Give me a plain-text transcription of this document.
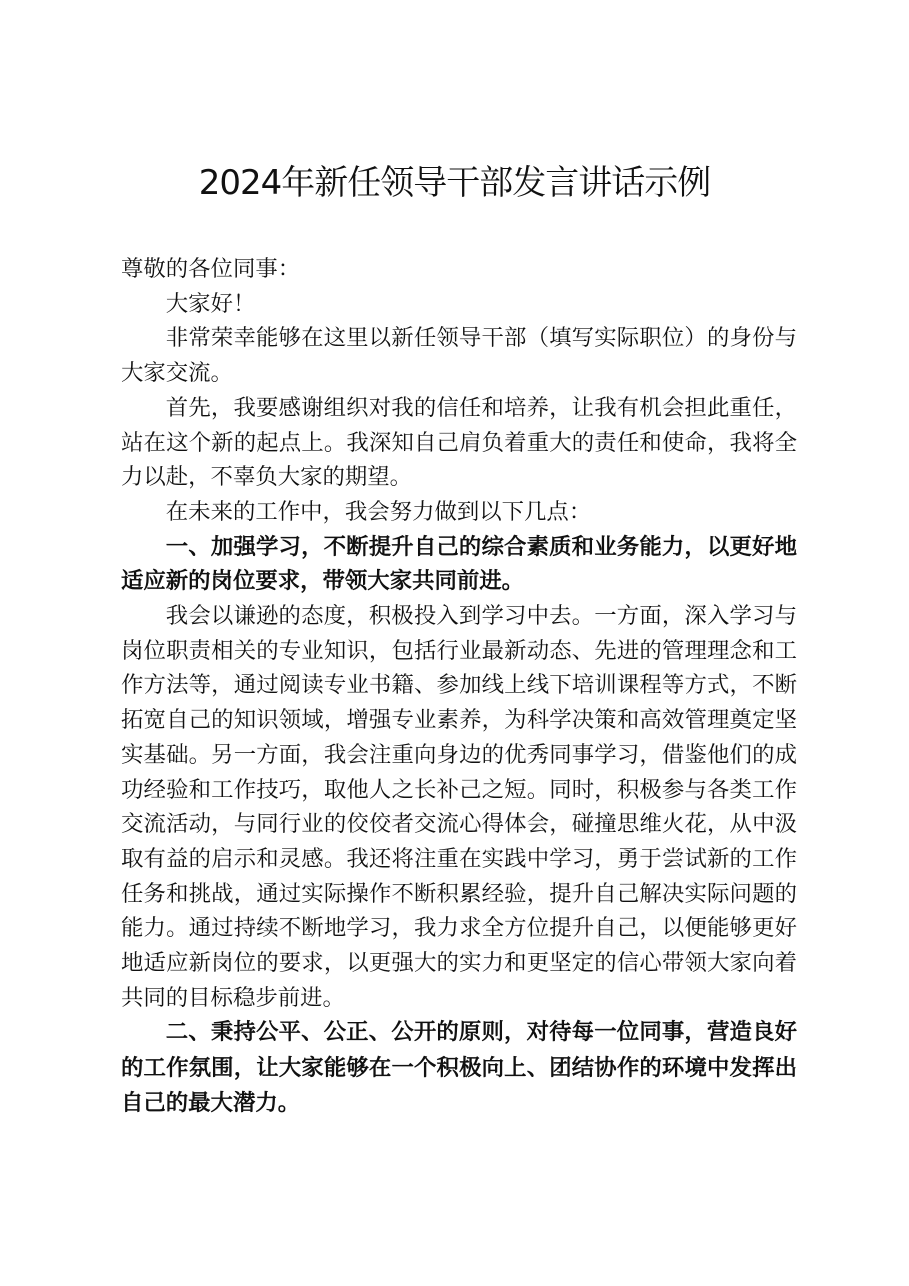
2024年新任领导干部发言讲话示例

尊敬的各位同事：

大家好！

非常荣幸能够在这里以新任领导干部（填写实际职位）的身份与大家交流。

首先，我要感谢组织对我的信任和培养，让我有机会担此重任，站在这个新的起点上。我深知自己肩负着重大的责任和使命，我将全力以赴，不辜负大家的期望。

在未来的工作中，我会努力做到以下几点：

一、加强学习，不断提升自己的综合素质和业务能力，以更好地适应新的岗位要求，带领大家共同前进。

我会以谦逊的态度，积极投入到学习中去。一方面，深入学习与岗位职责相关的专业知识，包括行业最新动态、先进的管理理念和工作方法等，通过阅读专业书籍、参加线上线下培训课程等方式，不断拓宽自己的知识领域，增强专业素养，为科学决策和高效管理奠定坚实基础。另一方面，我会注重向身边的优秀同事学习，借鉴他们的成功经验和工作技巧，取他人之长补己之短。同时，积极参与各类工作交流活动，与同行业的佼佼者交流心得体会，碰撞思维火花，从中汲取有益的启示和灵感。我还将注重在实践中学习，勇于尝试新的工作任务和挑战，通过实际操作不断积累经验，提升自己解决实际问题的能力。通过持续不断地学习，我力求全方位提升自己，以便能够更好地适应新岗位的要求，以更强大的实力和更坚定的信心带领大家向着共同的目标稳步前进。

二、秉持公平、公正、公开的原则，对待每一位同事，营造良好的工作氛围，让大家能够在一个积极向上、团结协作的环境中发挥出自己的最大潜力。
